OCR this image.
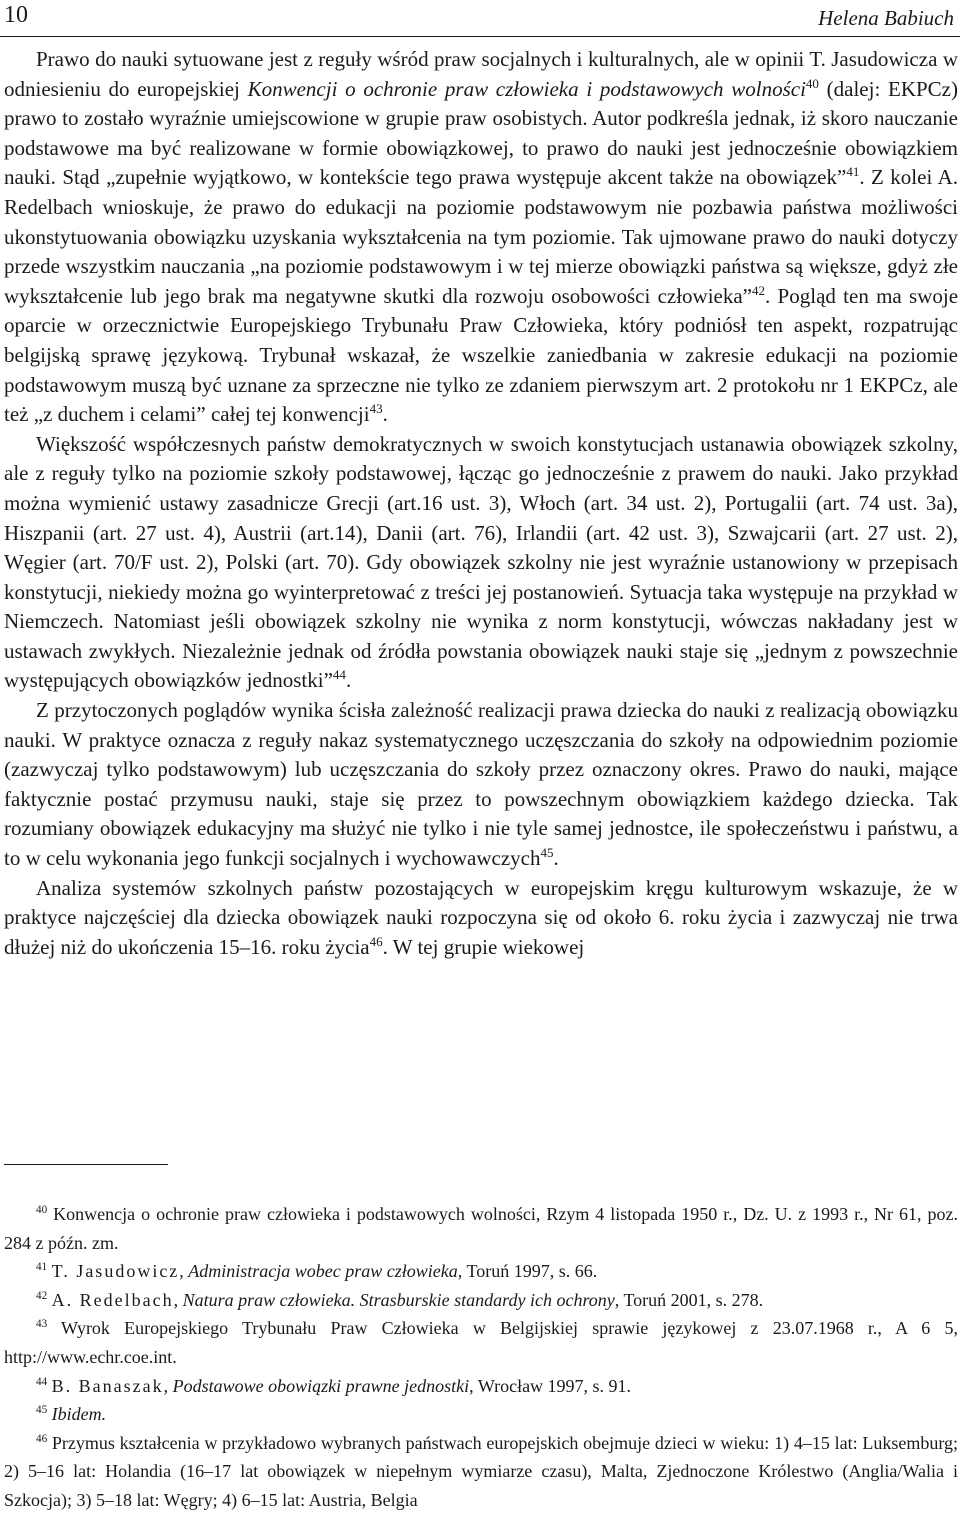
10	Helena Babiuch

Prawo do nauki sytuowane jest z reguły wśród praw socjalnych i kulturalnych, ale w opinii T. Jasudowicza w odniesieniu do europejskiej Konwencji o ochronie praw człowieka i podstawowych wolności$^{40}$ (dalej: EKPCz) prawo to zostało wyraźnie umiejscowione w grupie praw osobistych. Autor podkreśla jednak, iż skoro nauczanie podstawowe ma być realizowane w formie obowiązkowej, to prawo do nauki jest jednocześnie obowiązkiem nauki. Stąd „zupełnie wyjątkowo, w kontekście tego prawa występuje akcent także na obowiązek”$^{41}$. Z kolei A. Redelbach wnioskuje, że prawo do edukacji na poziomie podstawowym nie pozbawia państwa możliwości ukonstytuowania obowiązku uzyskania wykształcenia na tym poziomie. Tak ujmowane prawo do nauki dotyczy przede wszystkim nauczania „na poziomie podstawowym i w tej mierze obowiązki państwa są większe, gdyż złe wykształcenie lub jego brak ma negatywne skutki dla rozwoju osobowości człowieka”$^{42}$. Pogląd ten ma swoje oparcie w orzecznictwie Europejskiego Trybunału Praw Człowieka, który podniósł ten aspekt, rozpatrując belgijską sprawę językową. Trybunał wskazał, że wszelkie zaniedbania w zakresie edukacji na poziomie podstawowym muszą być uznane za sprzeczne nie tylko ze zdaniem pierwszym art. 2 protokołu nr 1 EKPCz, ale też „z duchem i celami” całej tej konwencji$^{43}$.

Większość współczesnych państw demokratycznych w swoich konstytucjach ustanawia obowiązek szkolny, ale z reguły tylko na poziomie szkoły podstawowej, łącząc go jednocześnie z prawem do nauki. Jako przykład można wymienić ustawy zasadnicze Grecji (art.16 ust. 3), Włoch (art. 34 ust. 2), Portugalii (art. 74 ust. 3a), Hiszpanii (art. 27 ust. 4), Austrii (art.14), Danii (art. 76), Irlandii (art. 42 ust. 3), Szwajcarii (art. 27 ust. 2), Węgier (art. 70/F ust. 2), Polski (art. 70). Gdy obowiązek szkolny nie jest wyraźnie ustanowiony w przepisach konstytucji, niekiedy można go wyinterpretować z treści jej postanowień. Sytuacja taka występuje na przykład w Niemczech. Natomiast jeśli obowiązek szkolny nie wynika z norm konstytucji, wówczas nakładany jest w ustawach zwykłych. Niezależnie jednak od źródła powstania obowiązek nauki staje się „jednym z powszechnie występujących obowiązków jednostki”$^{44}$.

Z przytoczonych poglądów wynika ścisła zależność realizacji prawa dziecka do nauki z realizacją obowiązku nauki. W praktyce oznacza z reguły nakaz systematycznego uczęszczania do szkoły na odpowiednim poziomie (zazwyczaj tylko podstawowym) lub uczęszczania do szkoły przez oznaczony okres. Prawo do nauki, mające faktycznie postać przymusu nauki, staje się przez to powszechnym obowiązkiem każdego dziecka. Tak rozumiany obowiązek edukacyjny ma służyć nie tylko i nie tyle samej jednostce, ile społeczeństwu i państwu, a to w celu wykonania jego funkcji socjalnych i wychowawczych$^{45}$.

Analiza systemów szkolnych państw pozostających w europejskim kręgu kulturowym wskazuje, że w praktyce najczęściej dla dziecka obowiązek nauki rozpoczyna się od około 6. roku życia i zazwyczaj nie trwa dłużej niż do ukończenia 15–16. roku życia$^{46}$. W tej grupie wiekowej

$^{40}$ Konwencja o ochronie praw człowieka i podstawowych wolności, Rzym 4 listopada 1950 r., Dz. U. z 1993 r., Nr 61, poz. 284 z późn. zm.

$^{41}$ T. Jasudowicz, Administracja wobec praw człowieka, Toruń 1997, s. 66.

$^{42}$ A. Redelbach, Natura praw człowieka. Strasburskie standardy ich ochrony, Toruń 2001, s. 278.

$^{43}$ Wyrok Europejskiego Trybunału Praw Człowieka w Belgijskiej sprawie językowej z 23.07.1968 r., A 6 5, http://www.echr.coe.int.

$^{44}$ B. Banaszak, Podstawowe obowiązki prawne jednostki, Wrocław 1997, s. 91.

$^{45}$ Ibidem.

$^{46}$ Przymus kształcenia w przykładowo wybranych państwach europejskich obejmuje dzieci w wieku: 1) 4–15 lat: Luksemburg; 2) 5–16 lat: Holandia (16–17 lat obowiązek w niepełnym wymiarze czasu), Malta, Zjednoczone Królestwo (Anglia/Walia i Szkocja); 3) 5–18 lat: Węgry; 4) 6–15 lat: Austria, Belgia
